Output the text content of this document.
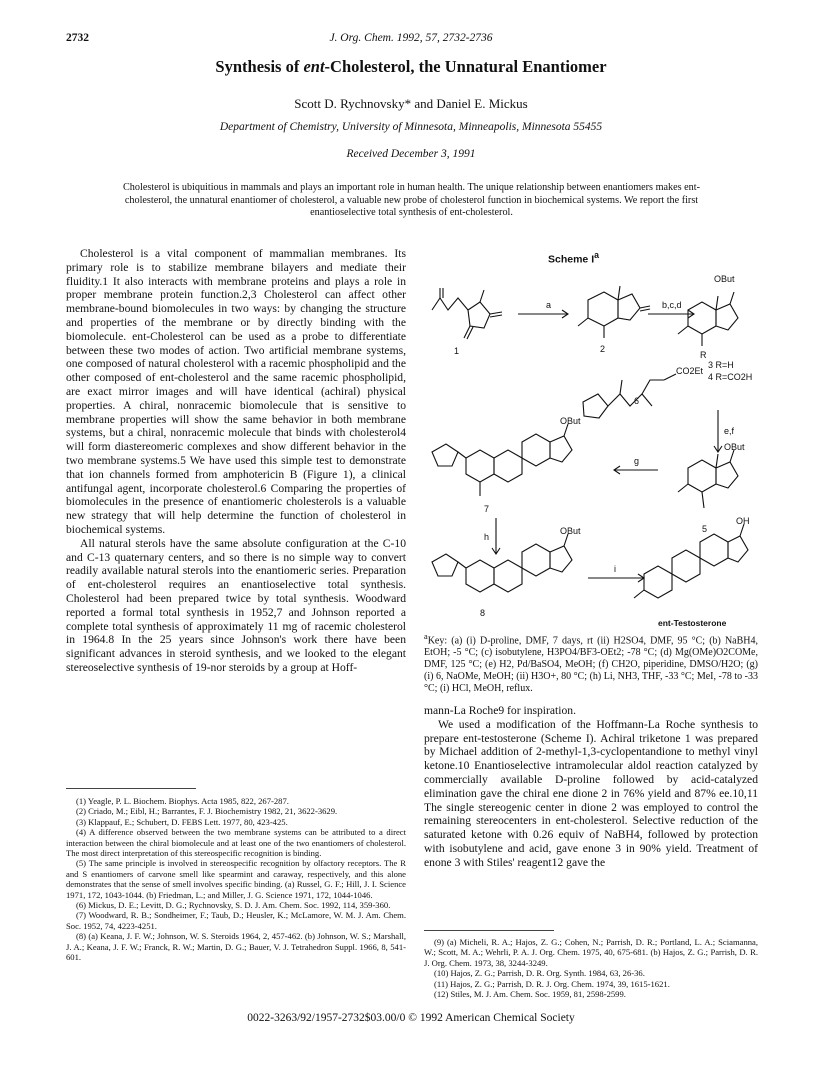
2732	J. Org. Chem. 1992, 57, 2732-2736
Synthesis of ent-Cholesterol, the Unnatural Enantiomer
Scott D. Rychnovsky* and Daniel E. Mickus
Department of Chemistry, University of Minnesota, Minneapolis, Minnesota 55455
Received December 3, 1991
Cholesterol is ubiquitious in mammals and plays an important role in human health. The unique relationship between enantiomers makes ent-cholesterol, the unnatural enantiomer of cholesterol, a valuable new probe of cholesterol function in biochemical systems. We report the first enantioselective total synthesis of ent-cholesterol.

Cholesterol is a vital component of mammalian membranes. Its primary role is to stabilize membrane bilayers and mediate their fluidity.1 It also interacts with membrane proteins and plays a role in proper membrane protein function.2,3 Cholesterol can affect other membrane-bound biomolecules in two ways: by changing the structure and properties of the membrane or by directly binding with the biomolecule. ent-Cholesterol can be used as a probe to differentiate between these two modes of action. Two artificial membrane systems, one composed of natural cholesterol with a racemic phospholipid and the other composed of ent-cholesterol and the same racemic phospholipid, are exact mirror images and will have identical (achiral) physical properties. A chiral, nonracemic biomolecule that is sensitive to membrane properties will show the same behavior in both membrane systems, but a chiral, nonracemic molecule that binds with cholesterol4 will form diastereomeric complexes and show different behavior in the two membrane systems.5 We have used this simple test to demonstrate that ion channels formed from amphotericin B (Figure 1), a clinical antifungal agent, incorporate cholesterol.6 Comparing the properties of biomolecules in the presence of enantiomeric cholesterols is a valuable new strategy that will help determine the function of cholesterol in biochemical systems.

All natural sterols have the same absolute configuration at the C-10 and C-13 quaternary centers, and so there is no simple way to convert readily available natural sterols into the enantiomeric series. Preparation of ent-cholesterol requires an enantioselective total synthesis. Cholesterol had been prepared twice by total synthesis. Woodward reported a formal total synthesis in 1952,7 and Johnson reported a complete total synthesis of approximately 11 mg of racemic cholesterol in 1964.8 In the 25 years since Johnson's work there have been significant advances in steroid synthesis, and we looked to the elegant stereoselective synthesis of 19-nor steroids by a group at Hoff-

Scheme $I^a$
1	2
R
3 R=H
4 R=CO2H
CO2Et
6
5
7
8
OBut
OBut
OBut
OBut
OH
a	b,c,d
e,f
g
h
i
ent-Testosterone
$^a$Key: (a) (i) D-proline, DMF, 7 days, rt (ii) H2SO4, DMF, 95 °C; (b) NaBH4, EtOH; -5 °C; (c) isobutylene, H3PO4/BF3-OEt2; -78 °C; (d) Mg(OMe)O2COMe, DMF, 125 °C; (e) H2, Pd/BaSO4, MeOH; (f) CH2O, piperidine, DMSO/H2O; (g) (i) 6, NaOMe, MeOH; (ii) H3O+, 80 °C; (h) Li, NH3, THF, -33 °C; MeI, -78 to -33 °C; (i) HCl, MeOH, reflux.

mann-La Roche9 for inspiration.

We used a modification of the Hoffmann-La Roche synthesis to prepare ent-testosterone (Scheme I). Achiral triketone 1 was prepared by Michael addition of 2-methyl-1,3-cyclopentandione to methyl vinyl ketone.10 Enantioselective intramolecular aldol reaction catalyzed by commercially available D-proline followed by acid-catalyzed elimination gave the chiral ene dione 2 in 76% yield and 87% ee.10,11 The single stereogenic center in dione 2 was employed to control the remaining stereocenters in ent-cholesterol. Selective reduction of the saturated ketone with 0.26 equiv of NaBH4, followed by protection with isobutylene and acid, gave enone 3 in 90% yield. Treatment of enone 3 with Stiles' reagent12 gave the

(1) Yeagle, P. L. Biochem. Biophys. Acta 1985, 822, 267-287.
(2) Criado, M.; Eibl, H.; Barrantes, F. J. Biochemistry 1982, 21, 3622-3629.
(3) Klappauf, E.; Schubert, D. FEBS Lett. 1977, 80, 423-425.
(4) A difference observed between the two membrane systems can be attributed to a direct interaction between the chiral biomolecule and at least one of the two enantiomers of cholesterol. The most direct interpretation of this stereospecific recognition is binding.
(5) The same principle is involved in stereospecific recognition by olfactory receptors. The R and S enantiomers of carvone smell like spearmint and caraway, respectively, and this alone demonstrates that the sense of smell involves specific binding. (a) Russel, G. F.; Hill, J. I. Science 1971, 172, 1043-1044. (b) Friedman, L.; and Miller, J. G. Science 1971, 172, 1044-1046.
(6) Mickus, D. E.; Levitt, D. G.; Rychnovsky, S. D. J. Am. Chem. Soc. 1992, 114, 359-360.
(7) Woodward, R. B.; Sondheimer, F.; Taub, D.; Heusler, K.; McLamore, W. M. J. Am. Chem. Soc. 1952, 74, 4223-4251.
(8) (a) Keana, J. F. W.; Johnson, W. S. Steroids 1964, 2, 457-462. (b) Johnson, W. S.; Marshall, J. A.; Keana, J. F. W.; Franck, R. W.; Martin, D. G.; Bauer, V. J. Tetrahedron Suppl. 1966, 8, 541-601.
(9) (a) Micheli, R. A.; Hajos, Z. G.; Cohen, N.; Parrish, D. R.; Portland, L. A.; Sciamanna, W.; Scott, M. A.; Wehrli, P. A. J. Org. Chem. 1975, 40, 675-681. (b) Hajos, Z. G.; Parrish, D. R. J. Org. Chem. 1973, 38, 3244-3249.
(10) Hajos, Z. G.; Parrish, D. R. Org. Synth. 1984, 63, 26-36.
(11) Hajos, Z. G.; Parrish, D. R. J. Org. Chem. 1974, 39, 1615-1621.
(12) Stiles, M. J. Am. Chem. Soc. 1959, 81, 2598-2599.
0022-3263/92/1957-2732$03.00/0 © 1992 American Chemical Society
